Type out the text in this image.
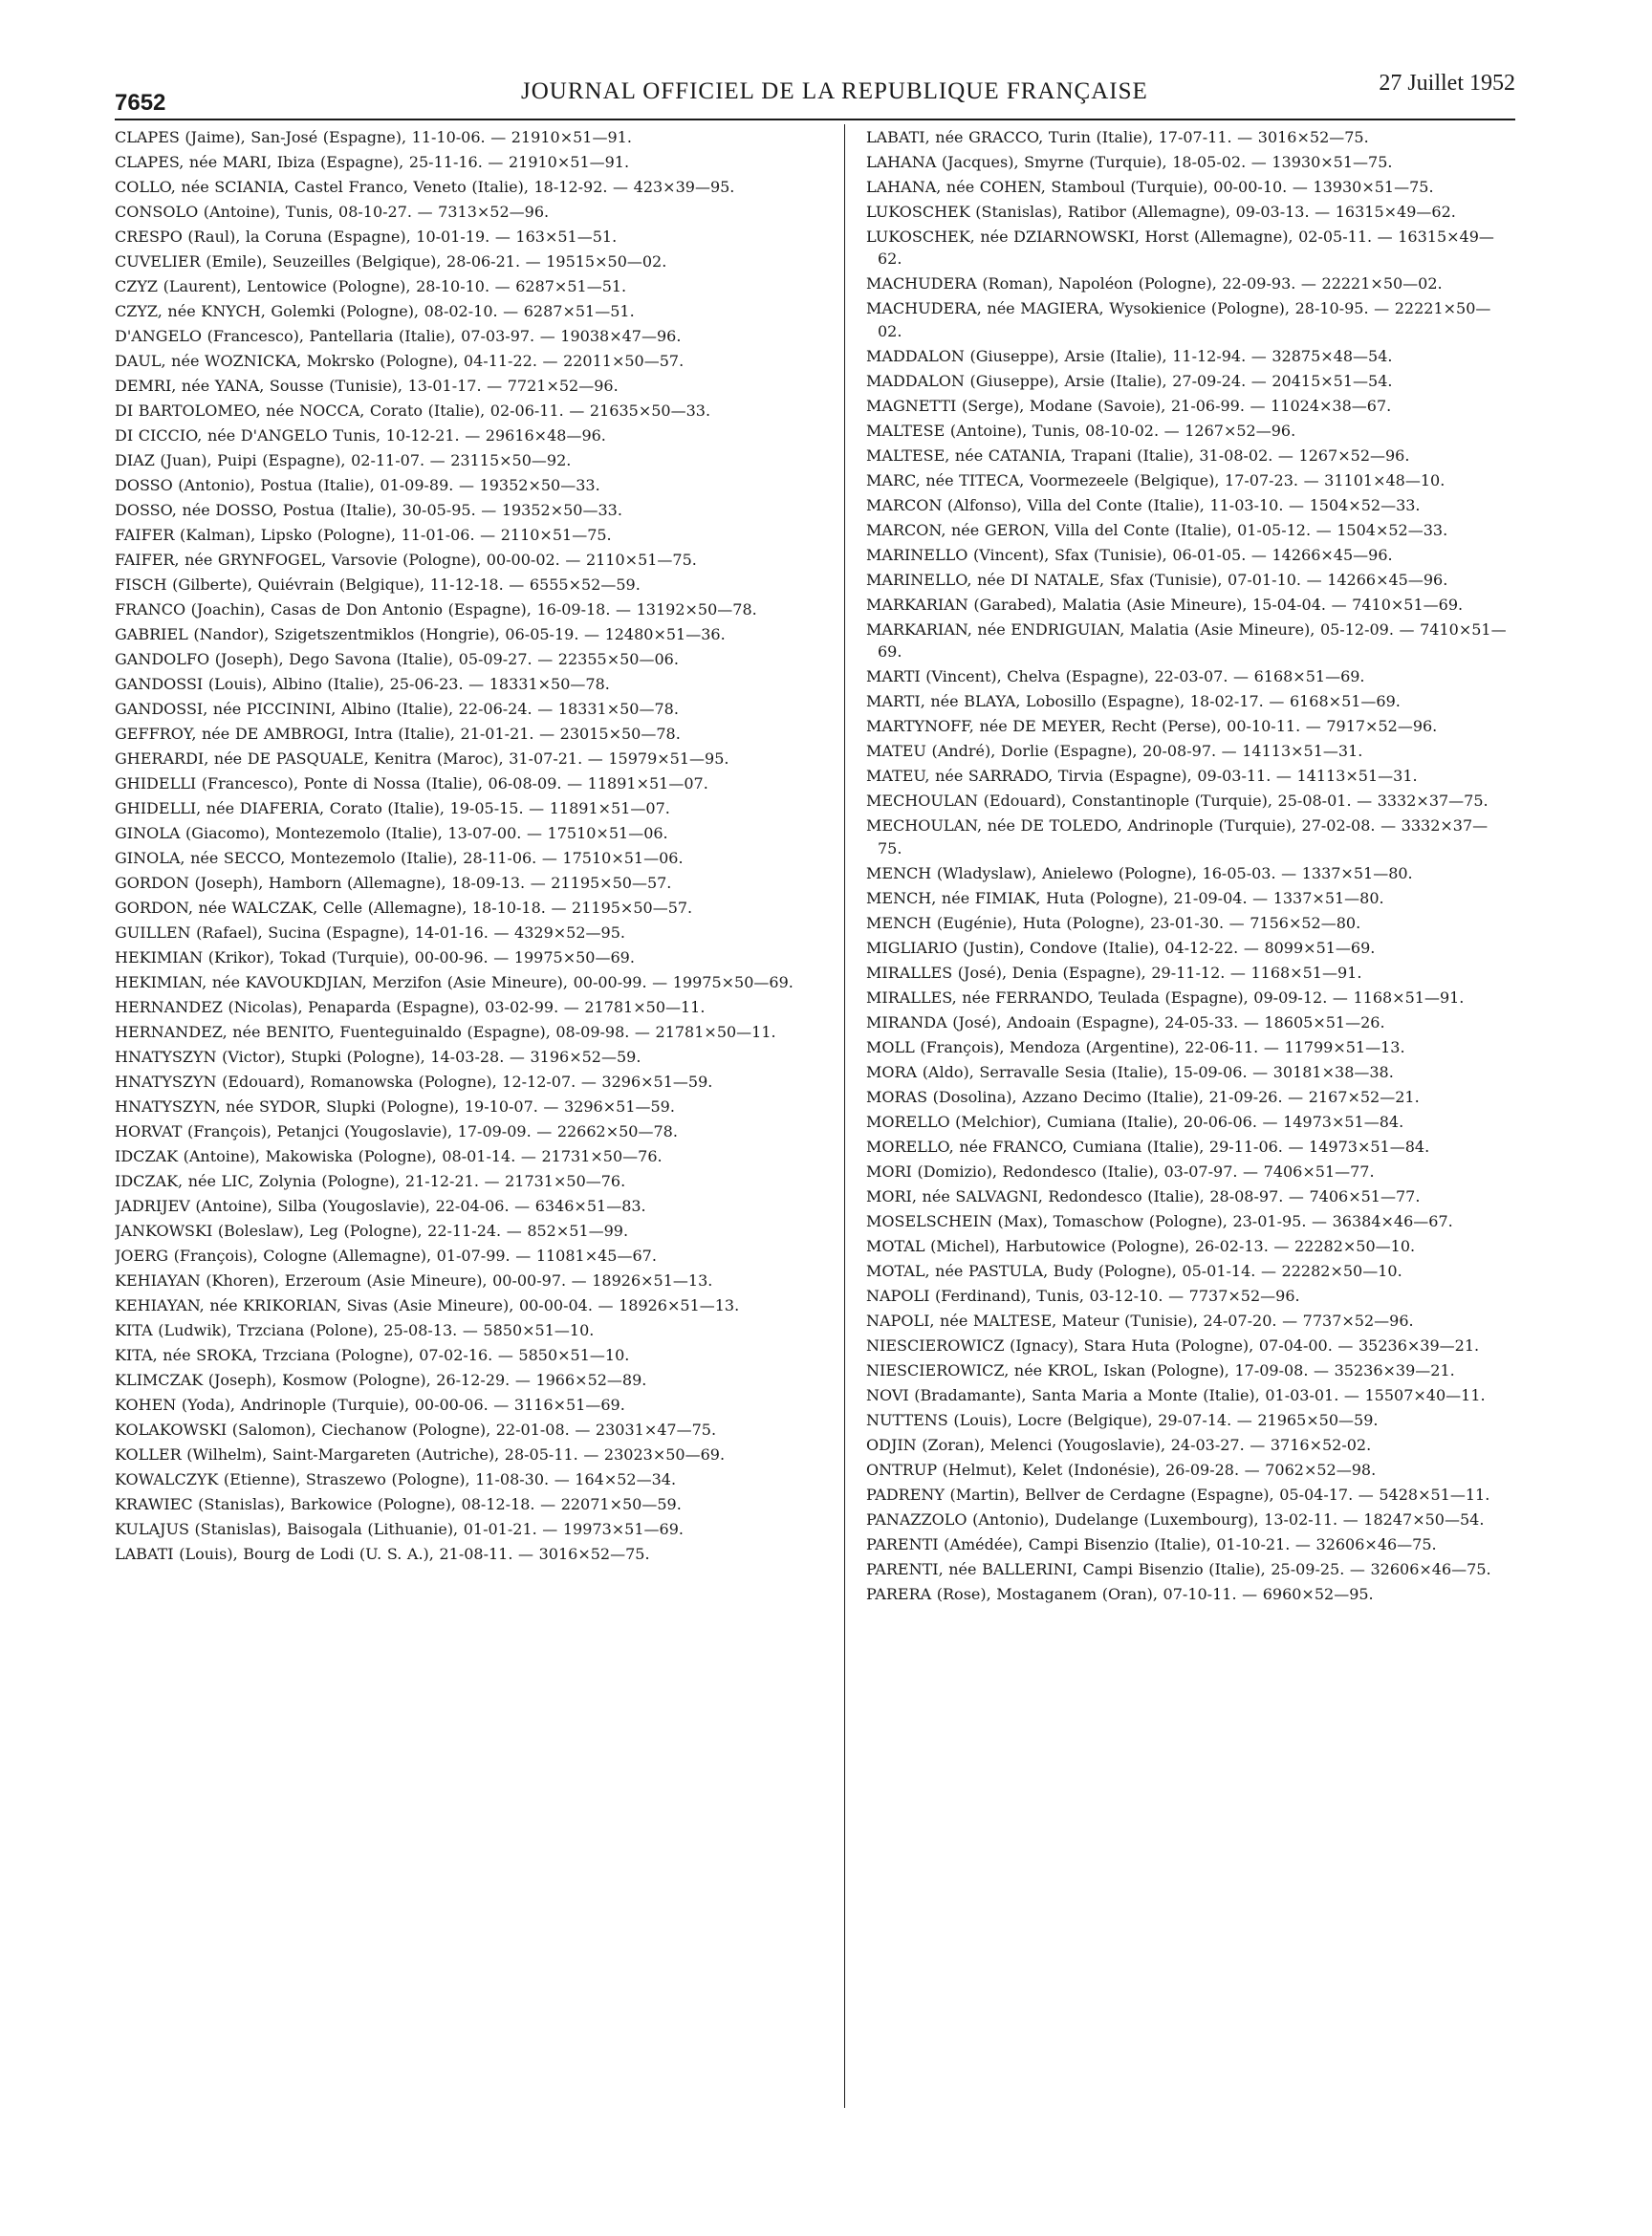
7652	JOURNAL OFFICIEL DE LA REPUBLIQUE FRANÇAISE	27 Juillet 1952

CLAPES (Jaime), San-José (Espagne), 11-10-06. — 21910×51—91.

CLAPES, née MARI, Ibiza (Espagne), 25-11-16. — 21910×51—91.

COLLO, née SCIANIA, Castel Franco, Veneto (Italie), 18-12-92. — 423×39—95.

CONSOLO (Antoine), Tunis, 08-10-27. — 7313×52—96.

CRESPO (Raul), la Coruna (Espagne), 10-01-19. — 163×51—51.

CUVELIER (Emile), Seuzeilles (Belgique), 28-06-21. — 19515×50—02.

CZYZ (Laurent), Lentowice (Pologne), 28-10-10. — 6287×51—51.

CZYZ, née KNYCH, Golemki (Pologne), 08-02-10. — 6287×51—51.

D'ANGELO (Francesco), Pantellaria (Italie), 07-03-97. — 19038×47—96.

DAUL, née WOZNICKA, Mokrsko (Pologne), 04-11-22. — 22011×50—57.

DEMRI, née YANA, Sousse (Tunisie), 13-01-17. — 7721×52—96.

DI BARTOLOMEO, née NOCCA, Corato (Italie), 02-06-11. — 21635×50—33.

DI CICCIO, née D'ANGELO Tunis, 10-12-21. — 29616×48—96.

DIAZ (Juan), Puipi (Espagne), 02-11-07. — 23115×50—92.

DOSSO (Antonio), Postua (Italie), 01-09-89. — 19352×50—33.

DOSSO, née DOSSO, Postua (Italie), 30-05-95. — 19352×50—33.

FAIFER (Kalman), Lipsko (Pologne), 11-01-06. — 2110×51—75.

FAIFER, née GRYNFOGEL, Varsovie (Pologne), 00-00-02. — 2110×51—75.

FISCH (Gilberte), Quiévrain (Belgique), 11-12-18. — 6555×52—59.

FRANCO (Joachin), Casas de Don Antonio (Espagne), 16-09-18. — 13192×50—78.

GABRIEL (Nandor), Szigetszentmiklos (Hongrie), 06-05-19. — 12480×51—36.

GANDOLFO (Joseph), Dego Savona (Italie), 05-09-27. — 22355×50—06.

GANDOSSI (Louis), Albino (Italie), 25-06-23. — 18331×50—78.

GANDOSSI, née PICCININI, Albino (Italie), 22-06-24. — 18331×50—78.

GEFFROY, née DE AMBROGI, Intra (Italie), 21-01-21. — 23015×50—78.

GHERARDI, née DE PASQUALE, Kenitra (Maroc), 31-07-21. — 15979×51—95.

GHIDELLI (Francesco), Ponte di Nossa (Italie), 06-08-09. — 11891×51—07.

GHIDELLI, née DIAFERIA, Corato (Italie), 19-05-15. — 11891×51—07.

GINOLA (Giacomo), Montezemolo (Italie), 13-07-00. — 17510×51—06.

GINOLA, née SECCO, Montezemolo (Italie), 28-11-06. — 17510×51—06.

GORDON (Joseph), Hamborn (Allemagne), 18-09-13. — 21195×50—57.

GORDON, née WALCZAK, Celle (Allemagne), 18-10-18. — 21195×50—57.

GUILLEN (Rafael), Sucina (Espagne), 14-01-16. — 4329×52—95.

HEKIMIAN (Krikor), Tokad (Turquie), 00-00-96. — 19975×50—69.

HEKIMIAN, née KAVOUKDJIAN, Merzifon (Asie Mineure), 00-00-99. — 19975×50—69.

HERNANDEZ (Nicolas), Penaparda (Espagne), 03-02-99. — 21781×50—11.

HERNANDEZ, née BENITO, Fuenteguinaldo (Espagne), 08-09-98. — 21781×50—11.

HNATYSZYN (Victor), Stupki (Pologne), 14-03-28. — 3196×52—59.

HNATYSZYN (Edouard), Romanowska (Pologne), 12-12-07. — 3296×51—59.

HNATYSZYN, née SYDOR, Slupki (Pologne), 19-10-07. — 3296×51—59.

HORVAT (François), Petanjci (Yougoslavie), 17-09-09. — 22662×50—78.

IDCZAK (Antoine), Makowiska (Pologne), 08-01-14. — 21731×50—76.

IDCZAK, née LIC, Zolynia (Pologne), 21-12-21. — 21731×50—76.

JADRIJEV (Antoine), Silba (Yougoslavie), 22-04-06. — 6346×51—83.

JANKOWSKI (Boleslaw), Leg (Pologne), 22-11-24. — 852×51—99.

JOERG (François), Cologne (Allemagne), 01-07-99. — 11081×45—67.

KEHIAYAN (Khoren), Erzeroum (Asie Mineure), 00-00-97. — 18926×51—13.

KEHIAYAN, née KRIKORIAN, Sivas (Asie Mineure), 00-00-04. — 18926×51—13.

KITA (Ludwik), Trzciana (Polone), 25-08-13. — 5850×51—10.

KITA, née SROKA, Trzciana (Pologne), 07-02-16. — 5850×51—10.

KLIMCZAK (Joseph), Kosmow (Pologne), 26-12-29. — 1966×52—89.

KOHEN (Yoda), Andrinople (Turquie), 00-00-06. — 3116×51—69.

KOLAKOWSKI (Salomon), Ciechanow (Pologne), 22-01-08. — 23031×47—75.

KOLLER (Wilhelm), Saint-Margareten (Autriche), 28-05-11. — 23023×50—69.

KOWALCZYK (Etienne), Straszewo (Pologne), 11-08-30. — 164×52—34.

KRAWIEC (Stanislas), Barkowice (Pologne), 08-12-18. — 22071×50—59.

KULAJUS (Stanislas), Baisogala (Lithuanie), 01-01-21. — 19973×51—69.

LABATI (Louis), Bourg de Lodi (U. S. A.), 21-08-11. — 3016×52—75.

LABATI, née GRACCO, Turin (Italie), 17-07-11. — 3016×52—75.

LAHANA (Jacques), Smyrne (Turquie), 18-05-02. — 13930×51—75.

LAHANA, née COHEN, Stamboul (Turquie), 00-00-10. — 13930×51—75.

LUKOSCHEK (Stanislas), Ratibor (Allemagne), 09-03-13. — 16315×49—62.

LUKOSCHEK, née DZIARNOWSKI, Horst (Allemagne), 02-05-11. — 16315×49—62.

MACHUDERA (Roman), Napoléon (Pologne), 22-09-93. — 22221×50—02.

MACHUDERA, née MAGIERA, Wysokienice (Pologne), 28-10-95. — 22221×50—02.

MADDALON (Giuseppe), Arsie (Italie), 11-12-94. — 32875×48—54.

MADDALON (Giuseppe), Arsie (Italie), 27-09-24. — 20415×51—54.

MAGNETTI (Serge), Modane (Savoie), 21-06-99. — 11024×38—67.

MALTESE (Antoine), Tunis, 08-10-02. — 1267×52—96.

MALTESE, née CATANIA, Trapani (Italie), 31-08-02. — 1267×52—96.

MARC, née TITECA, Voormezeele (Belgique), 17-07-23. — 31101×48—10.

MARCON (Alfonso), Villa del Conte (Italie), 11-03-10. — 1504×52—33.

MARCON, née GERON, Villa del Conte (Italie), 01-05-12. — 1504×52—33.

MARINELLO (Vincent), Sfax (Tunisie), 06-01-05. — 14266×45—96.

MARINELLO, née DI NATALE, Sfax (Tunisie), 07-01-10. — 14266×45—96.

MARKARIAN (Garabed), Malatia (Asie Mineure), 15-04-04. — 7410×51—69.

MARKARIAN, née ENDRIGUIAN, Malatia (Asie Mineure), 05-12-09. — 7410×51—69.

MARTI (Vincent), Chelva (Espagne), 22-03-07. — 6168×51—69.

MARTI, née BLAYA, Lobosillo (Espagne), 18-02-17. — 6168×51—69.

MARTYNOFF, née DE MEYER, Recht (Perse), 00-10-11. — 7917×52—96.

MATEU (André), Dorlie (Espagne), 20-08-97. — 14113×51—31.

MATEU, née SARRADO, Tirvia (Espagne), 09-03-11. — 14113×51—31.

MECHOULAN (Edouard), Constantinople (Turquie), 25-08-01. — 3332×37—75.

MECHOULAN, née DE TOLEDO, Andrinople (Turquie), 27-02-08. — 3332×37—75.

MENCH (Wladyslaw), Anielewo (Pologne), 16-05-03. — 1337×51—80.

MENCH, née FIMIAK, Huta (Pologne), 21-09-04. — 1337×51—80.

MENCH (Eugénie), Huta (Pologne), 23-01-30. — 7156×52—80.

MIGLIARIO (Justin), Condove (Italie), 04-12-22. — 8099×51—69.

MIRALLES (José), Denia (Espagne), 29-11-12. — 1168×51—91.

MIRALLES, née FERRANDO, Teulada (Espagne), 09-09-12. — 1168×51—91.

MIRANDA (José), Andoain (Espagne), 24-05-33. — 18605×51—26.

MOLL (François), Mendoza (Argentine), 22-06-11. — 11799×51—13.

MORA (Aldo), Serravalle Sesia (Italie), 15-09-06. — 30181×38—38.

MORAS (Dosolina), Azzano Decimo (Italie), 21-09-26. — 2167×52—21.

MORELLO (Melchior), Cumiana (Italie), 20-06-06. — 14973×51—84.

MORELLO, née FRANCO, Cumiana (Italie), 29-11-06. — 14973×51—84.

MORI (Domizio), Redondesco (Italie), 03-07-97. — 7406×51—77.

MORI, née SALVAGNI, Redondesco (Italie), 28-08-97. — 7406×51—77.

MOSELSCHEIN (Max), Tomaschow (Pologne), 23-01-95. — 36384×46—67.

MOTAL (Michel), Harbutowice (Pologne), 26-02-13. — 22282×50—10.

MOTAL, née PASTULA, Budy (Pologne), 05-01-14. — 22282×50—10.

NAPOLI (Ferdinand), Tunis, 03-12-10. — 7737×52—96.

NAPOLI, née MALTESE, Mateur (Tunisie), 24-07-20. — 7737×52—96.

NIESCIEROWICZ (Ignacy), Stara Huta (Pologne), 07-04-00. — 35236×39—21.

NIESCIEROWICZ, née KROL, Iskan (Pologne), 17-09-08. — 35236×39—21.

NOVI (Bradamante), Santa Maria a Monte (Italie), 01-03-01. — 15507×40—11.

NUTTENS (Louis), Locre (Belgique), 29-07-14. — 21965×50—59.

ODJIN (Zoran), Melenci (Yougoslavie), 24-03-27. — 3716×52-02.

ONTRUP (Helmut), Kelet (Indonésie), 26-09-28. — 7062×52—98.

PADRENY (Martin), Bellver de Cerdagne (Espagne), 05-04-17. — 5428×51—11.

PANAZZOLO (Antonio), Dudelange (Luxembourg), 13-02-11. — 18247×50—54.

PARENTI (Amédée), Campi Bisenzio (Italie), 01-10-21. — 32606×46—75.

PARENTI, née BALLERINI, Campi Bisenzio (Italie), 25-09-25. — 32606×46—75.

PARERA (Rose), Mostaganem (Oran), 07-10-11. — 6960×52—95.
